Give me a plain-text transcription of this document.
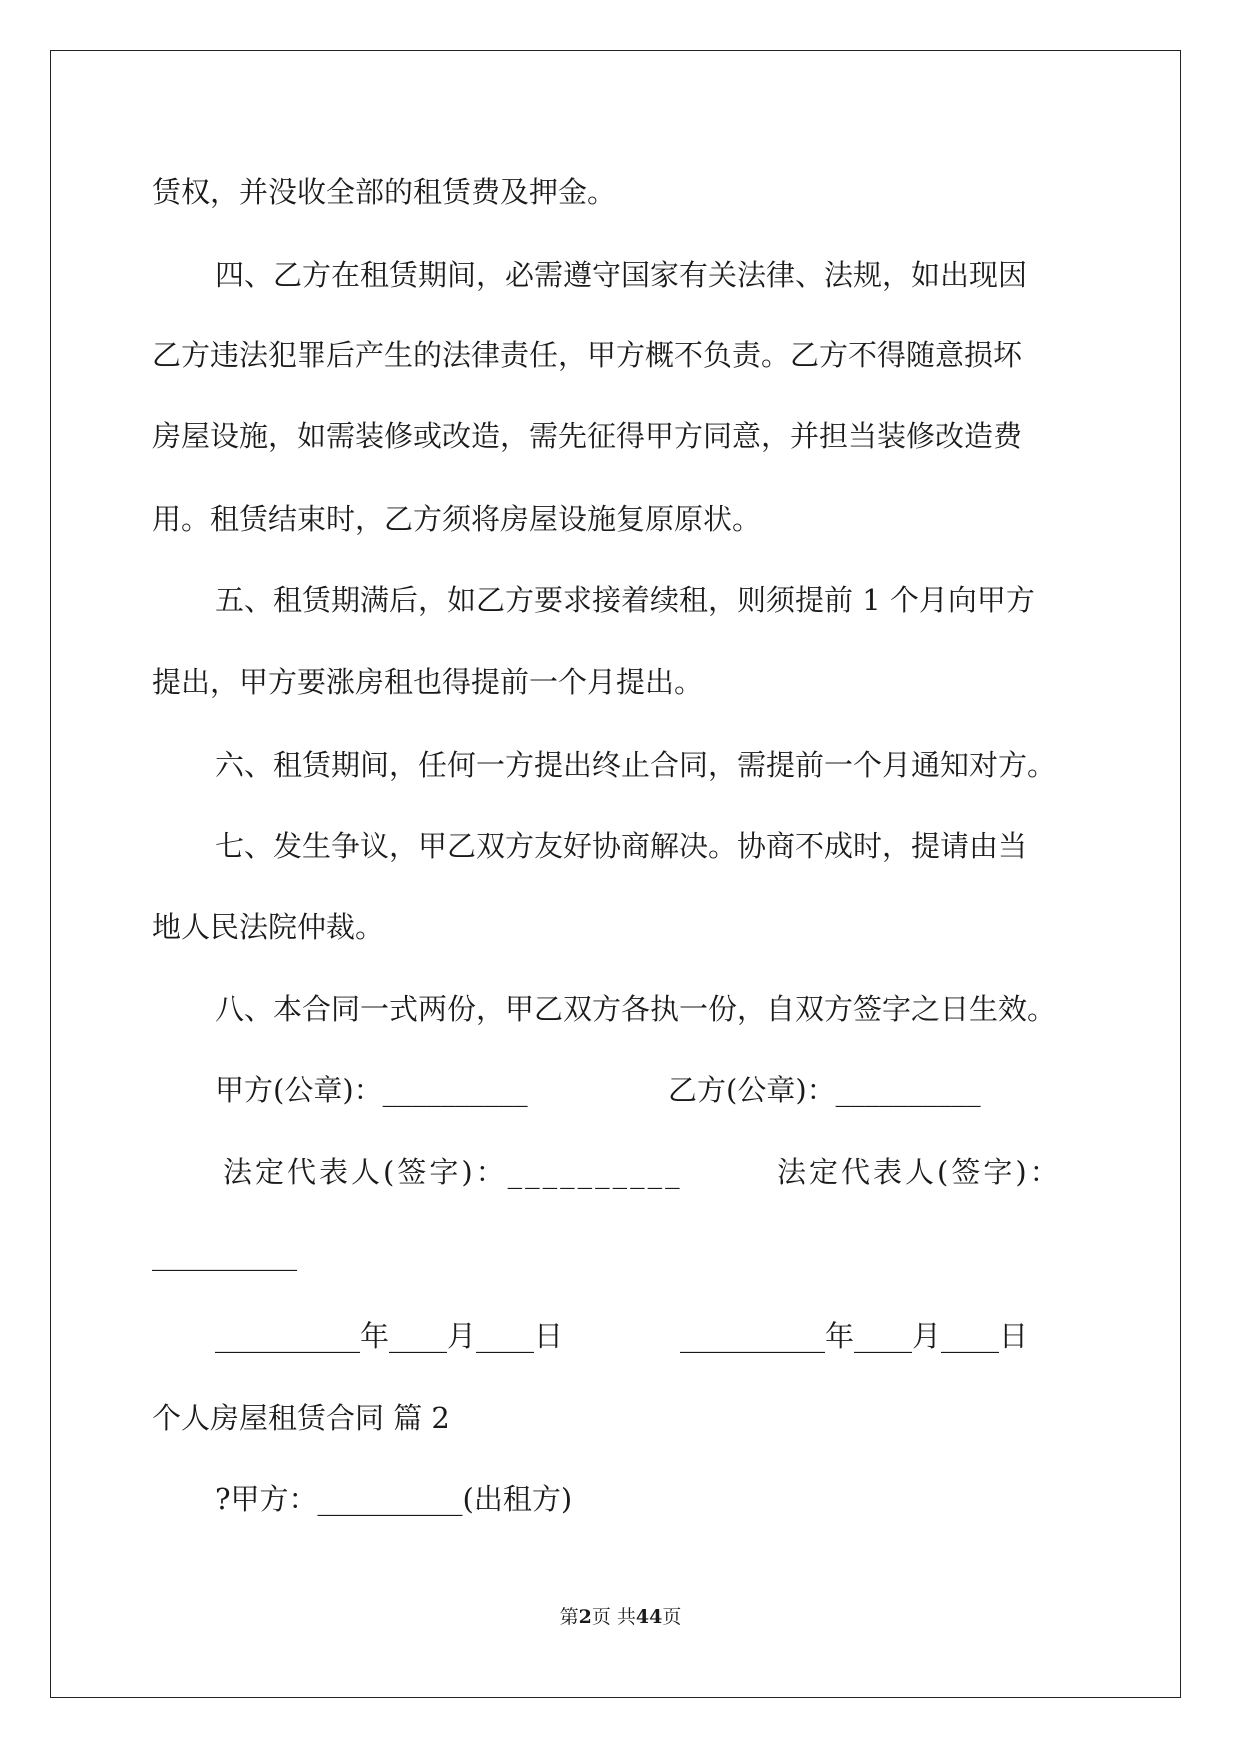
赁权，并没收全部的租赁费及押金。
四、乙方在租赁期间，必需遵守国家有关法律、法规，如出现因
乙方违法犯罪后产生的法律责任，甲方概不负责。乙方不得随意损坏
房屋设施，如需装修或改造，需先征得甲方同意，并担当装修改造费
用。租赁结束时，乙方须将房屋设施复原原状。
五、租赁期满后，如乙方要求接着续租，则须提前 1 个月向甲方
提出，甲方要涨房租也得提前一个月提出。
六、租赁期间，任何一方提出终止合同，需提前一个月通知对方。
七、发生争议，甲乙双方友好协商解决。协商不成时，提请由当
地人民法院仲裁。
八、本合同一式两份，甲乙双方各执一份，自双方签字之日生效。
甲方(公章)：__________	乙方(公章)：__________
法定代表人(签字)：__________	法定代表人(签字)：
__________
__________年____月____日	__________年____月____日
个人房屋租赁合同 篇 2
?甲方：__________(出租方)
第2页 共44页
